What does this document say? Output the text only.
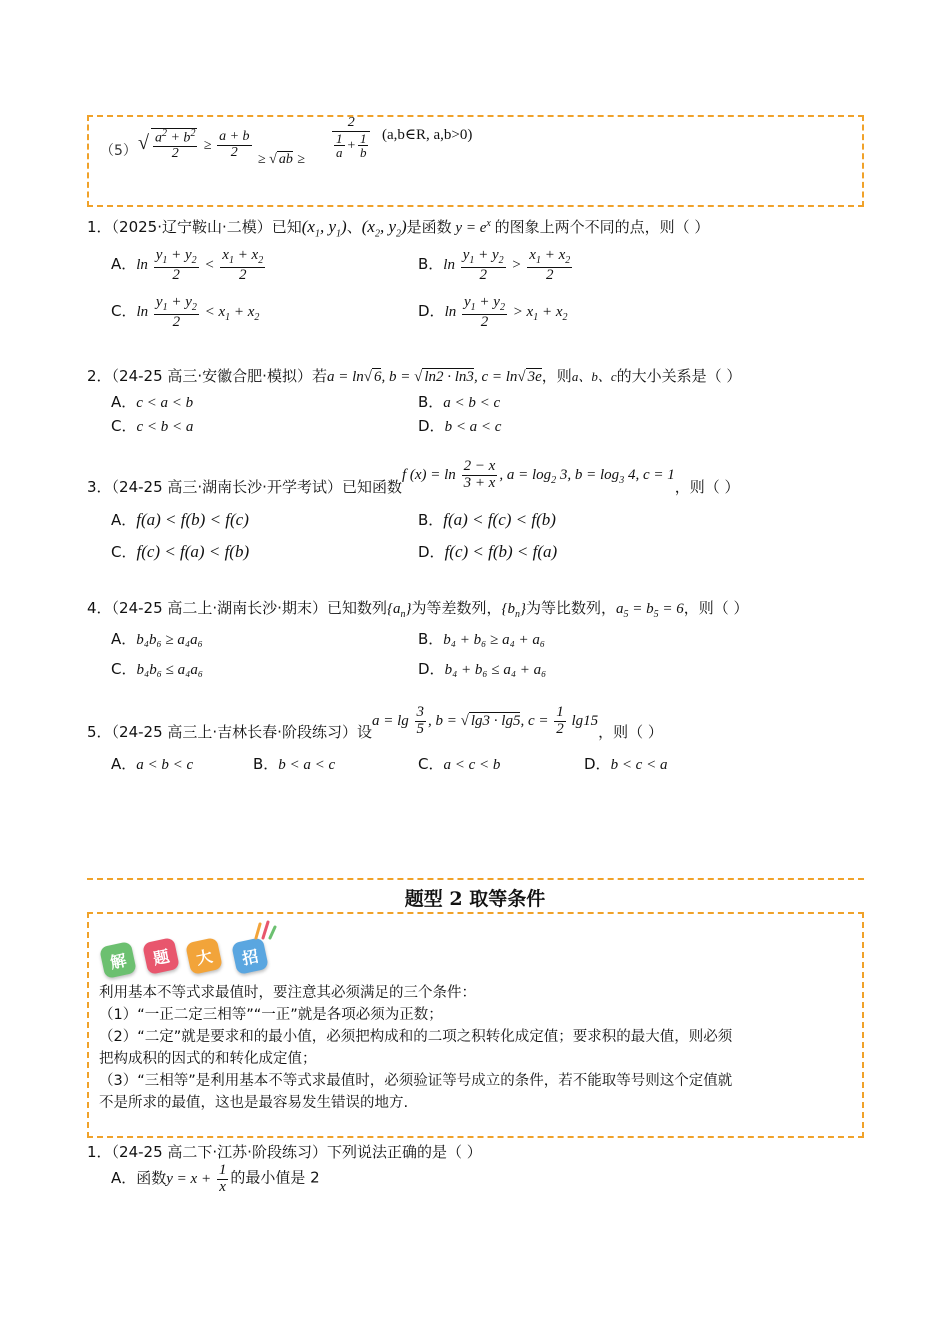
（5） √ $\frac{a^2 + b^2}{2} \ge \frac{a + b}{2}$ ≥ √ ab ≥ $\frac{2}{\frac{1}{a} + \frac{1}{b}}$ (a,b∈R, a,b>0)
1．（2025·辽宁鞍山·二模）已知($x_1$, $y_1$)、($x_2$, $y_2$)是函数 $y = e^x$ 的图象上两个不同的点，则（ ）
A．$\ln \frac{y_1 + y_2}{2} < \frac{x_1 + x_2}{2}$	B．$\ln \frac{y_1 + y_2}{2} > \frac{x_1 + x_2}{2}$
C．$\ln \frac{y_1 + y_2}{2} < x_1 + x_2$	D．$\ln \frac{y_1 + y_2}{2} > x_1 + x_2$
2．（24-25 高三·安徽合肥·模拟）若a = ln√ 6, b = √ ln2 · ln3, c = ln√ 3e，则a、b、c的大小关系是（ ）
A．c < a < b	B．a < b < c
C．c < b < a	D．b < a < c
3．（24-25 高三·湖南长沙·开学考试）已知函数f $(x) = \ln \frac{2 - x}{3 + x}$ , $a = \log_2 3$, $b = \log_3 4$, c = 1，则（ ）
A．f(a) < f(b) < f(c)	B．f(a) < f(c) < f(b)
C．f(c) < f(a) < f(b)	D．f(c) < f(b) < f(a)
4．（24-25 高二上·湖南长沙·期末）已知数列$\{a_n\}$为等差数列，$\{b_n\}$为等比数列，$a_5 = b_5 = 6$，则（ ）
A．b₄b₆ ≥ a₄a₆	B．b₄ + b₆ ≥ a₄ + a₆
C．b₄b₆ ≤ a₄a₆	D．b₄ + b₆ ≤ a₄ + a₆
5．（24-25 高三上·吉林长春·阶段练习）设$a = \lg \frac{3}{5}$ , b = √ lg3 · lg5, $c = \frac{1}{2} \lg 15$，则（ ）
A．a < b < c	B．b < a < c	C．a < c < b	D．b < c < a
题型 2 取等条件
解	题	大	招
利用基本不等式求最值时，要注意其必须满足的三个条件：
（1）“一正二定三相等”“一正”就是各项必须为正数；
（2）“二定”就是要求和的最小值，必须把构成和的二项之积转化成定值；要求积的最大值，则必须
把构成积的因式的和转化成定值；
（3）“三相等”是利用基本不等式求最值时，必须验证等号成立的条件，若不能取等号则这个定值就
不是所求的最值，这也是最容易发生错误的地方.
1．（24-25 高二下·江苏·阶段练习）下列说法正确的是（ ）
A．函数$y = x + \frac{1}{x}$ 的最小值是 2
